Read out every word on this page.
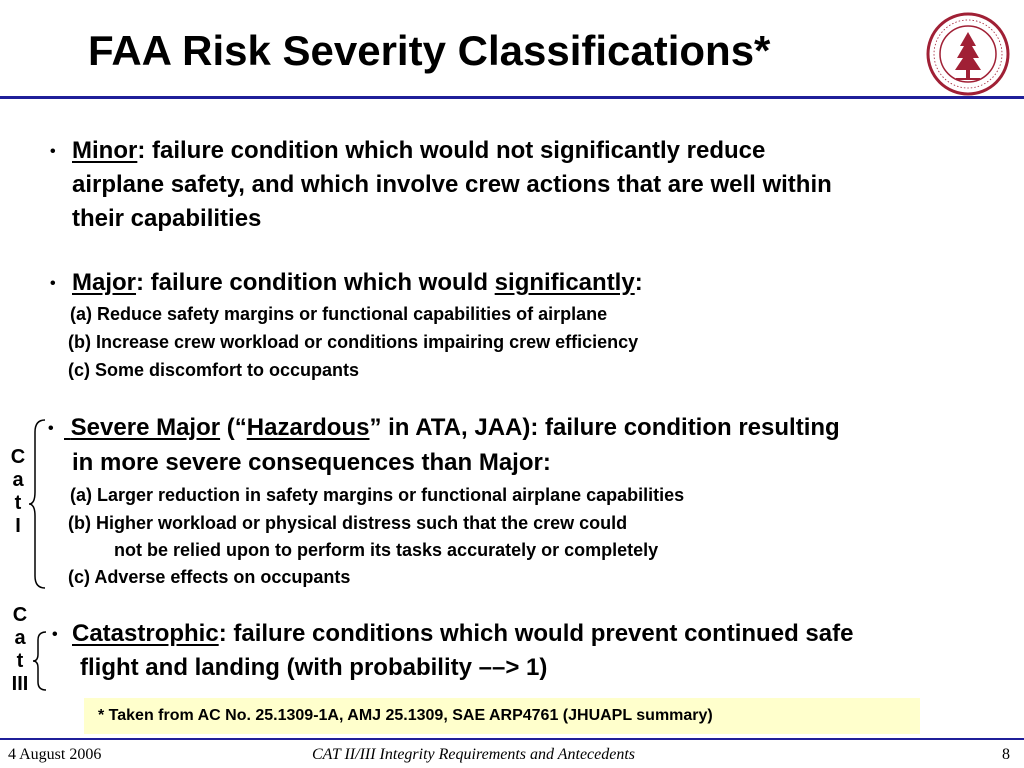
FAA Risk Severity Classifications*
• Minor: failure condition which would not significantly reduce
airplane safety, and which involve crew actions that are well within
their capabilities
• Major: failure condition which would significantly:
(a) Reduce safety margins or functional capabilities of airplane
(b) Increase crew workload or conditions impairing crew efficiency
(c) Some discomfort to occupants
C
a
t
I
• Severe Major (“Hazardous” in ATA, JAA): failure condition resulting
in more severe consequences than Major:
(a) Larger reduction in safety margins or functional airplane capabilities
(b) Higher workload or physical distress such that the crew could
not be relied upon to perform its tasks accurately or completely
(c) Adverse effects on occupants
C
a
t
III
• Catastrophic: failure conditions which would prevent continued safe
flight and landing (with probability ––> 1)
* Taken from AC No. 25.1309-1A, AMJ 25.1309, SAE ARP4761 (JHUAPL summary)
4 August 2006	CAT II/III Integrity Requirements and Antecedents	8
